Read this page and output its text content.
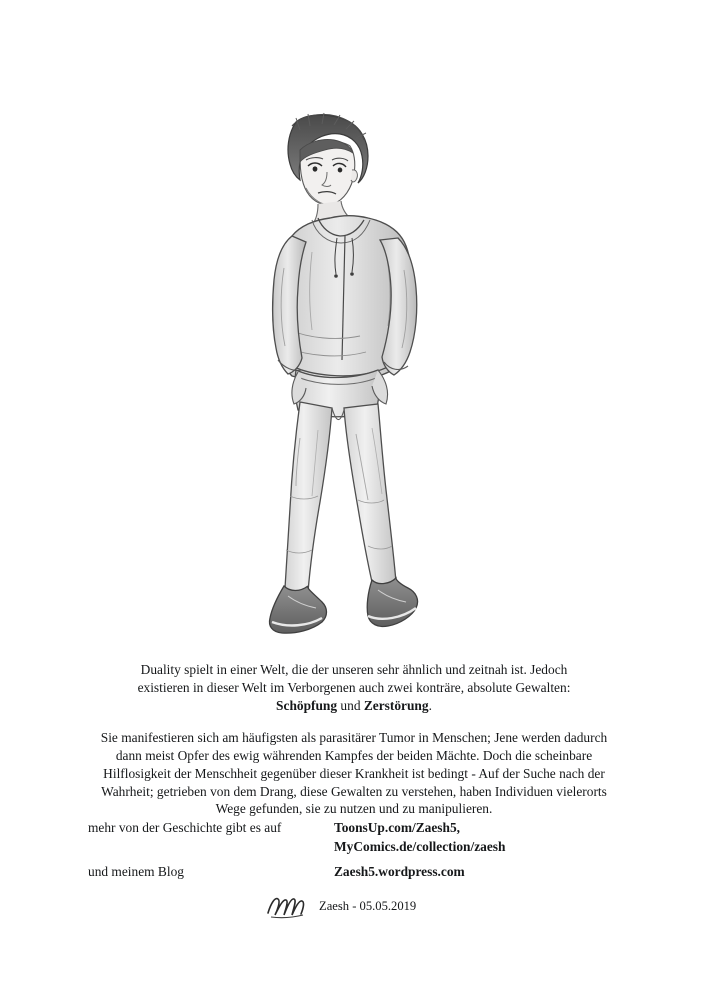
Duality spielt in einer Welt, die der unseren sehr ähnlich und zeitnah ist. Jedoch
existieren in dieser Welt im Verborgenen auch zwei konträre, absolute Gewalten:
Schöpfung und Zerstörung.

Sie manifestieren sich am häufigsten als parasitärer Tumor in Menschen; Jene werden dadurch dann meist Opfer des ewig währenden Kampfes der beiden Mächte. Doch die scheinbare Hilflosigkeit der Menschheit gegenüber dieser Krankheit ist bedingt - Auf der Suche nach der Wahrheit; getrieben von dem Drang, diese Gewalten zu verstehen, haben Individuen vielerorts Wege gefunden, sie zu nutzen und zu manipulieren.

mehr von der Geschichte gibt es auf	ToonsUp.com/Zaesh5,
MyComics.de/collection/zaesh
und meinem Blog	Zaesh5.wordpress.com
Zaesh - 05.05.2019
